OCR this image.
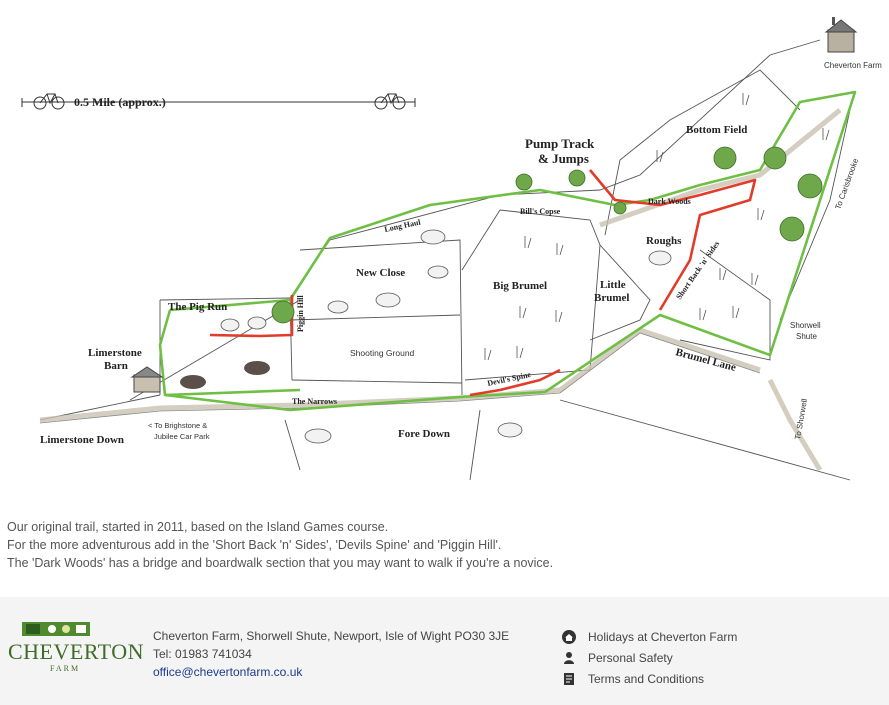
0.5 Mile (approx.)
Cheverton Farm
Pump Track
& Jumps
Bottom Field
Dark Woods
Bill's Copse
Long Haul
New Close
The Pig Run	Piggin Hill
Roughs
Short Back 'n' Sides
Big Brumel	Little
Brumel
Limerstone
Barn
Shooting Ground
Devil's Spine
Brumel Lane
Shorwell
Shute
To Carisbrooke
To Shorwell
The Narrows
< To Brighstone &
Jubilee Car Park
Limerstone Down	Fore Down

Our original trail, started in 2011, based on the Island Games course.

For the more adventurous add in the 'Short Back 'n' Sides', 'Devils Spine' and 'Piggin Hill'.

The 'Dark Woods' has a bridge and boardwalk section that you may want to walk if you're a novice.

CHEVERTON
FARM
Cheverton Farm, Shorwell Shute, Newport, Isle of Wight PO30 3JE
Tel: 01983 741034
office@chevertonfarm.co.uk
Holidays at Cheverton Farm
Personal Safety
Terms and Conditions
